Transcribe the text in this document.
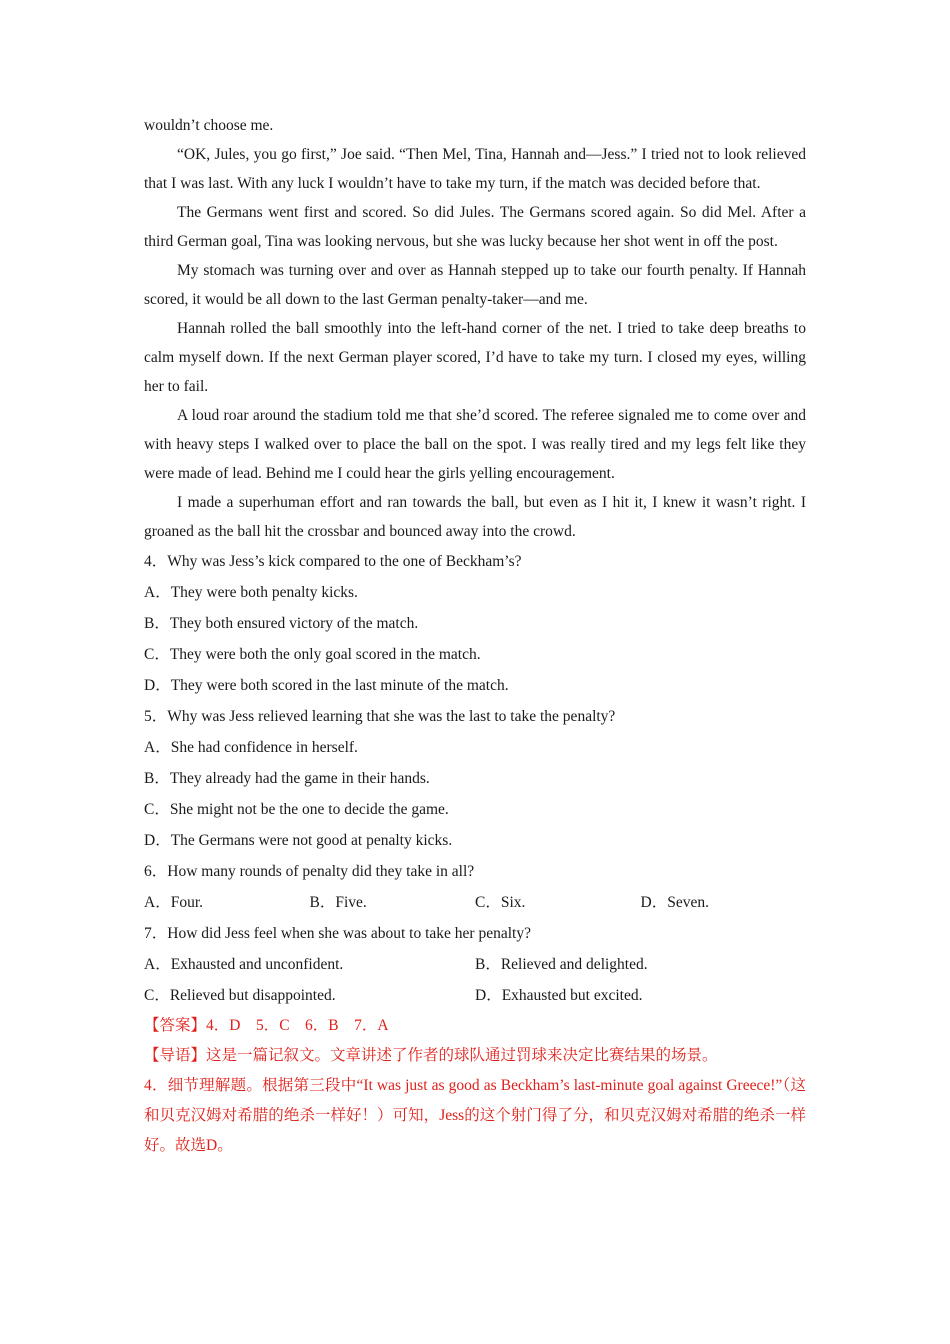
wouldn’t choose me.

“OK, Jules, you go first,” Joe said. “Then Mel, Tina, Hannah and—Jess.” I tried not to look relieved that I was last. With any luck I wouldn’t have to take my turn, if the match was decided before that.

The Germans went first and scored. So did Jules. The Germans scored again. So did Mel. After a third German goal, Tina was looking nervous, but she was lucky because her shot went in off the post.

My stomach was turning over and over as Hannah stepped up to take our fourth penalty. If Hannah scored, it would be all down to the last German penalty-taker—and me.

Hannah rolled the ball smoothly into the left-hand corner of the net. I tried to take deep breaths to calm myself down. If the next German player scored, I’d have to take my turn. I closed my eyes, willing her to fail.

A loud roar around the stadium told me that she’d scored. The referee signaled me to come over and with heavy steps I walked over to place the ball on the spot. I was really tired and my legs felt like they were made of lead. Behind me I could hear the girls yelling encouragement.

I made a superhuman effort and ran towards the ball, but even as I hit it, I knew it wasn’t right. I groaned as the ball hit the crossbar and bounced away into the crowd.

4．Why was Jess’s kick compared to the one of Beckham’s?

A．They were both penalty kicks.

B．They both ensured victory of the match.

C．They were both the only goal scored in the match.

D．They were both scored in the last minute of the match.

5．Why was Jess relieved learning that she was the last to take the penalty?

A．She had confidence in herself.

B．They already had the game in their hands.

C．She might not be the one to decide the game.

D．The Germans were not good at penalty kicks.

6．How many rounds of penalty did they take in all?

A．Four.	B．Five.	C．Six.	D．Seven.

7．How did Jess feel when she was about to take her penalty?

A．Exhausted and unconfident.	B．Relieved and delighted.
C．Relieved but disappointed.	D．Exhausted but excited.

【答案】4．D　5．C　6．B　7．A

【导语】这是一篇记叙文。文章讲述了作者的球队通过罚球来决定比赛结果的场景。

4．细节理解题。根据第三段中“It was just as good as Beckham’s last-minute goal against Greece!”（这和贝克汉姆对希腊的绝杀一样好！）可知，Jess的这个射门得了分，和贝克汉姆对希腊的绝杀一样好。故选D。
